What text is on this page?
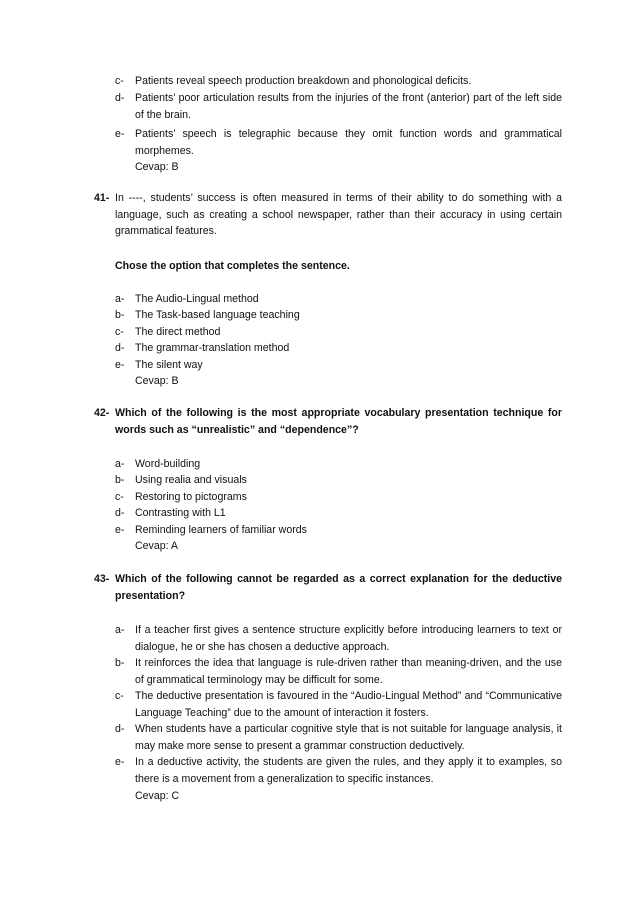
c- Patients reveal speech production breakdown and phonological deficits.
d- Patients’ poor articulation results from the injuries of the front (anterior) part of the left side of the brain.
e- Patients’ speech is telegraphic because they omit function words and grammatical morphemes.
Cevap: B
41- In ----, students’ success is often measured in terms of their ability to do something with a language, such as creating a school newspaper, rather than their accuracy in using certain grammatical features.
Chose the option that completes the sentence.
a- The Audio-Lingual method
b- The Task-based language teaching
c- The direct method
d- The grammar-translation method
e- The silent way
Cevap: B
42- Which of the following is the most appropriate vocabulary presentation technique for words such as “unrealistic” and “dependence”?
a- Word-building
b- Using realia and visuals
c- Restoring to pictograms
d- Contrasting with L1
e- Reminding learners of familiar words
Cevap: A
43- Which of the following cannot be regarded as a correct explanation for the deductive presentation?
a- If a teacher first gives a sentence structure explicitly before introducing learners to text or dialogue, he or she has chosen a deductive approach.
b- It reinforces the idea that language is rule-driven rather than meaning-driven, and the use of grammatical terminology may be difficult for some.
c- The deductive presentation is favoured in the “Audio-Lingual Method” and “Communicative Language Teaching” due to the amount of interaction it fosters.
d- When students have a particular cognitive style that is not suitable for language analysis, it may make more sense to present a grammar construction deductively.
e- In a deductive activity, the students are given the rules, and they apply it to examples, so there is a movement from a generalization to specific instances.
Cevap: C
